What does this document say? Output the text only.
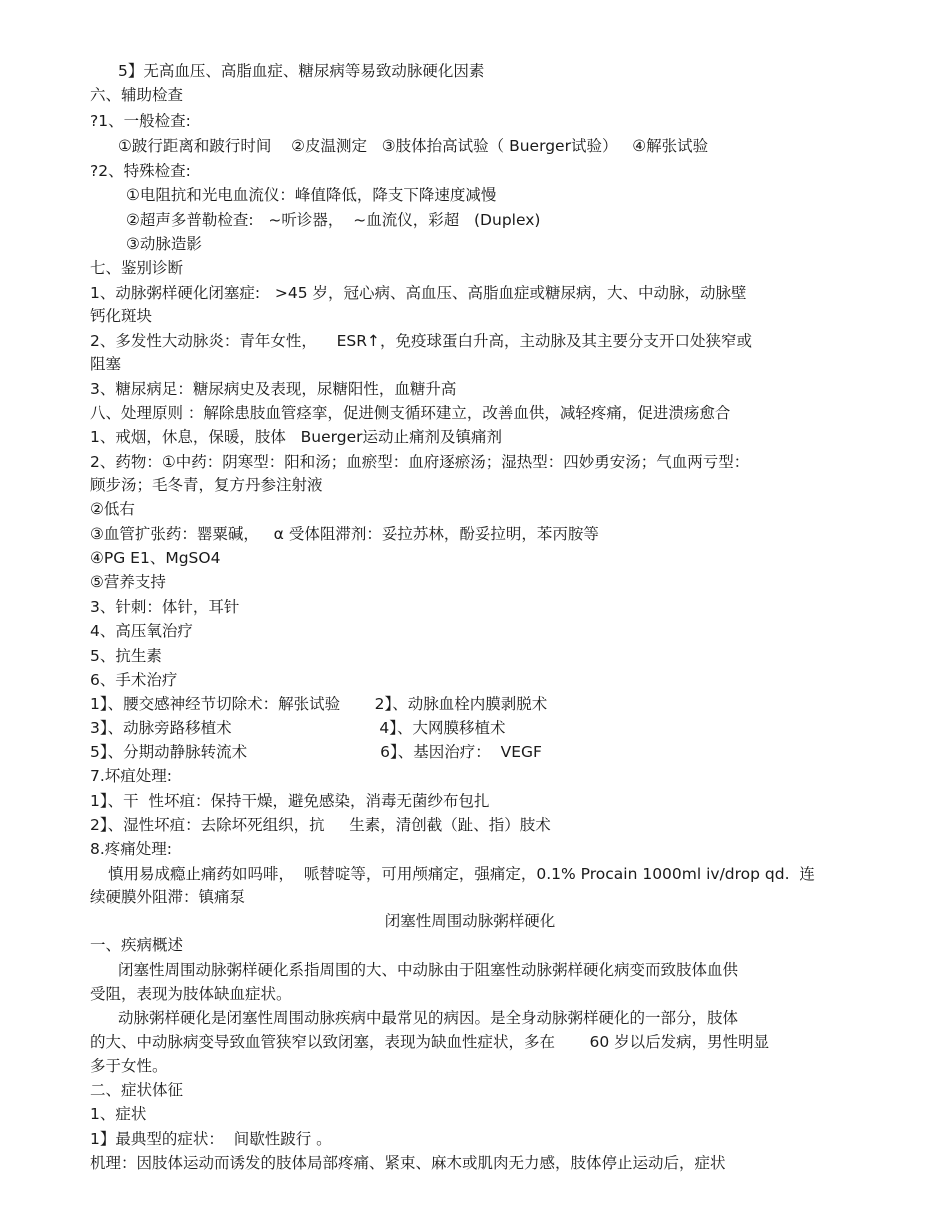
5】无高血压、高脂血症、糖尿病等易致动脉硬化因素
六、辅助检查
?1、一般检查:
①跛行距离和跛行时间    ②皮温测定   ③肢体抬高试验（ Buerger试验）   ④解张试验
?2、特殊检查:
①电阻抗和光电血流仪：峰值降低，降支下降速度减慢
②超声多普勒检查:   ~听诊器，  ~血流仪，彩超   (Duplex)
③动脉造影
七、鉴别诊断
1、动脉粥样硬化闭塞症:   >45 岁，冠心病、高血压、高脂血症或糖尿病，大、中动脉，动脉壁
钙化斑块
2、多发性大动脉炎：青年女性，    ESR↑，免疫球蛋白升高，主动脉及其主要分支开口处狭窄或
阻塞
3、糖尿病足：糖尿病史及表现，尿糖阳性，血糖升高
八、处理原则 ：解除患肢血管痉挛，促进侧支循环建立，改善血供，减轻疼痛，促进溃疡愈合
1、戒烟，休息，保暖，肢体   Buerger运动止痛剂及镇痛剂
2、药物：①中药：阴寒型：阳和汤；血瘀型：血府逐瘀汤；湿热型：四妙勇安汤；气血两亏型：
顾步汤；毛冬青，复方丹参注射液
②低右
③血管扩张药：罂粟碱，   α 受体阻滞剂：妥拉苏林，酚妥拉明，苯丙胺等
④PG E1、MgSO4
⑤营养支持
3、针刺：体针，耳针
4、高压氧治疗
5、抗生素
6、手术治疗
1】、腰交感神经节切除术：解张试验       2】、动脉血栓内膜剥脱术
3】、动脉旁路移植术                              4】、大网膜移植术
5】、分期动静脉转流术                           6】、基因治疗：  VEGF
7.坏疽处理:
1】、干  性坏疽：保持干燥，避免感染，消毒无菌纱布包扎
2】、湿性坏疽：去除坏死组织，抗     生素，清创截（趾、指）肢术
8.疼痛处理:
慎用易成瘾止痛药如吗啡，  哌替啶等，可用颅痛定，强痛定，0.1% Procain 1000ml iv/drop qd.  连
续硬膜外阻滞：镇痛泵
闭塞性周围动脉粥样硬化
一、疾病概述
闭塞性周围动脉粥样硬化系指周围的大、中动脉由于阻塞性动脉粥样硬化病变而致肢体血供
受阻，表现为肢体缺血症状。
动脉粥样硬化是闭塞性周围动脉疾病中最常见的病因。是全身动脉粥样硬化的一部分，肢体
的大、中动脉病变导致血管狭窄以致闭塞，表现为缺血性症状，多在       60 岁以后发病，男性明显
多于女性。
二、症状体征
1、症状
1】最典型的症状：  间歇性跛行 。
机理：因肢体运动而诱发的肢体局部疼痛、紧束、麻木或肌肉无力感，肢体停止运动后，症状
